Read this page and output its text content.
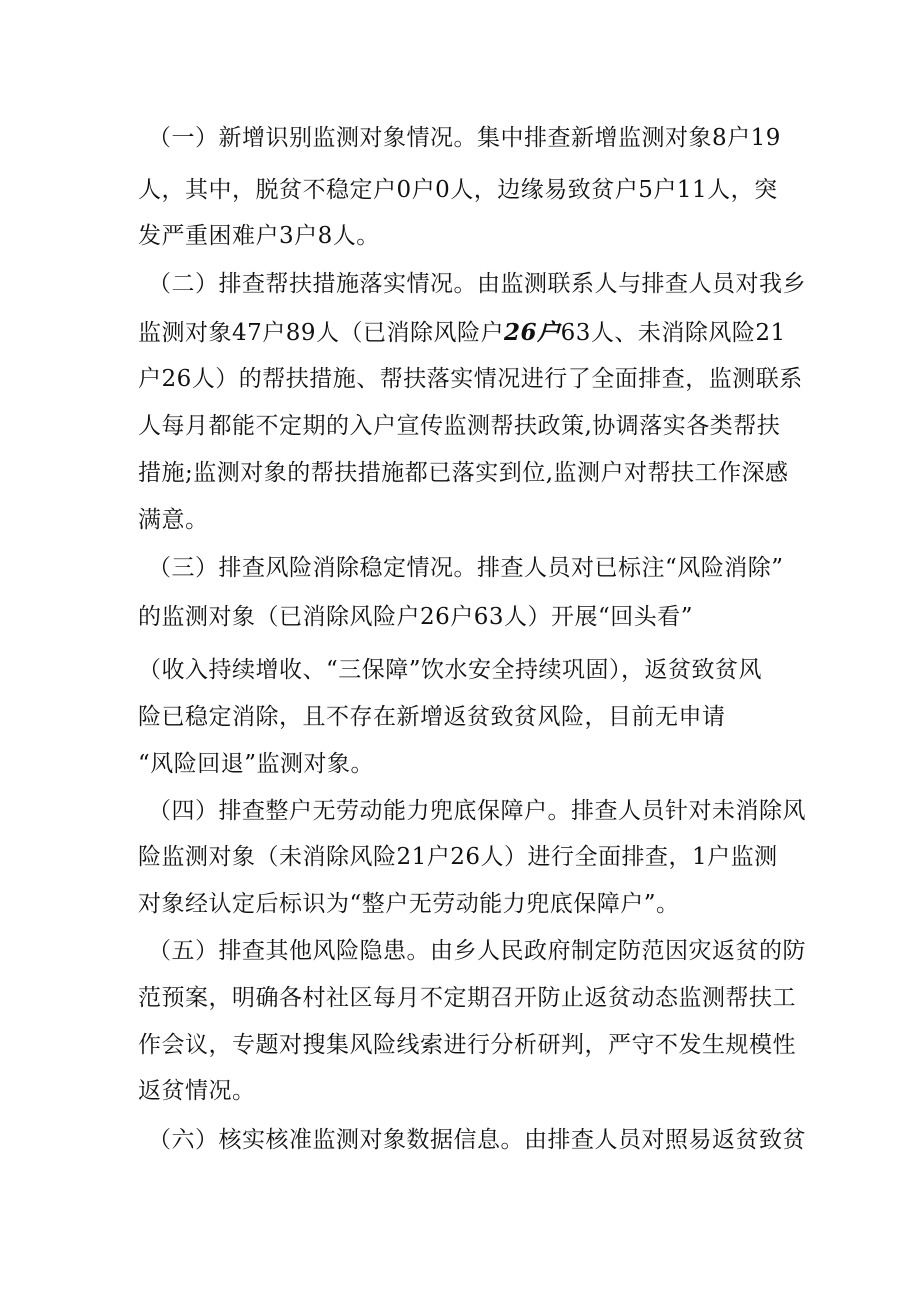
（一）新增识别监测对象情况。集中排查新增监测对象8户19
人，其中，脱贫不稳定户0户0人，边缘易致贫户5户11人，突
发严重困难户3户8人。
（二）排查帮扶措施落实情况。由监测联系人与排查人员对我乡
监测对象47户89人（已消除风险户26户63人、未消除风险21
户26人）的帮扶措施、帮扶落实情况进行了全面排查，监测联系
人每月都能不定期的入户宣传监测帮扶政策,协调落实各类帮扶
措施;监测对象的帮扶措施都已落实到位,监测户对帮扶工作深感
满意。
（三）排查风险消除稳定情况。排查人员对已标注“风险消除”
的监测对象（已消除风险户26户63人）开展“回头看”
（收入持续增收、“三保障”饮水安全持续巩固），返贫致贫风
险已稳定消除，且不存在新增返贫致贫风险，目前无申请
“风险回退”监测对象。
（四）排查整户无劳动能力兜底保障户。排查人员针对未消除风
险监测对象（未消除风险21户26人）进行全面排查，1户监测
对象经认定后标识为“整户无劳动能力兜底保障户”。
（五）排查其他风险隐患。由乡人民政府制定防范因灾返贫的防
范预案，明确各村社区每月不定期召开防止返贫动态监测帮扶工
作会议，专题对搜集风险线索进行分析研判，严守不发生规模性
返贫情况。
（六）核实核准监测对象数据信息。由排查人员对照易返贫致贫
